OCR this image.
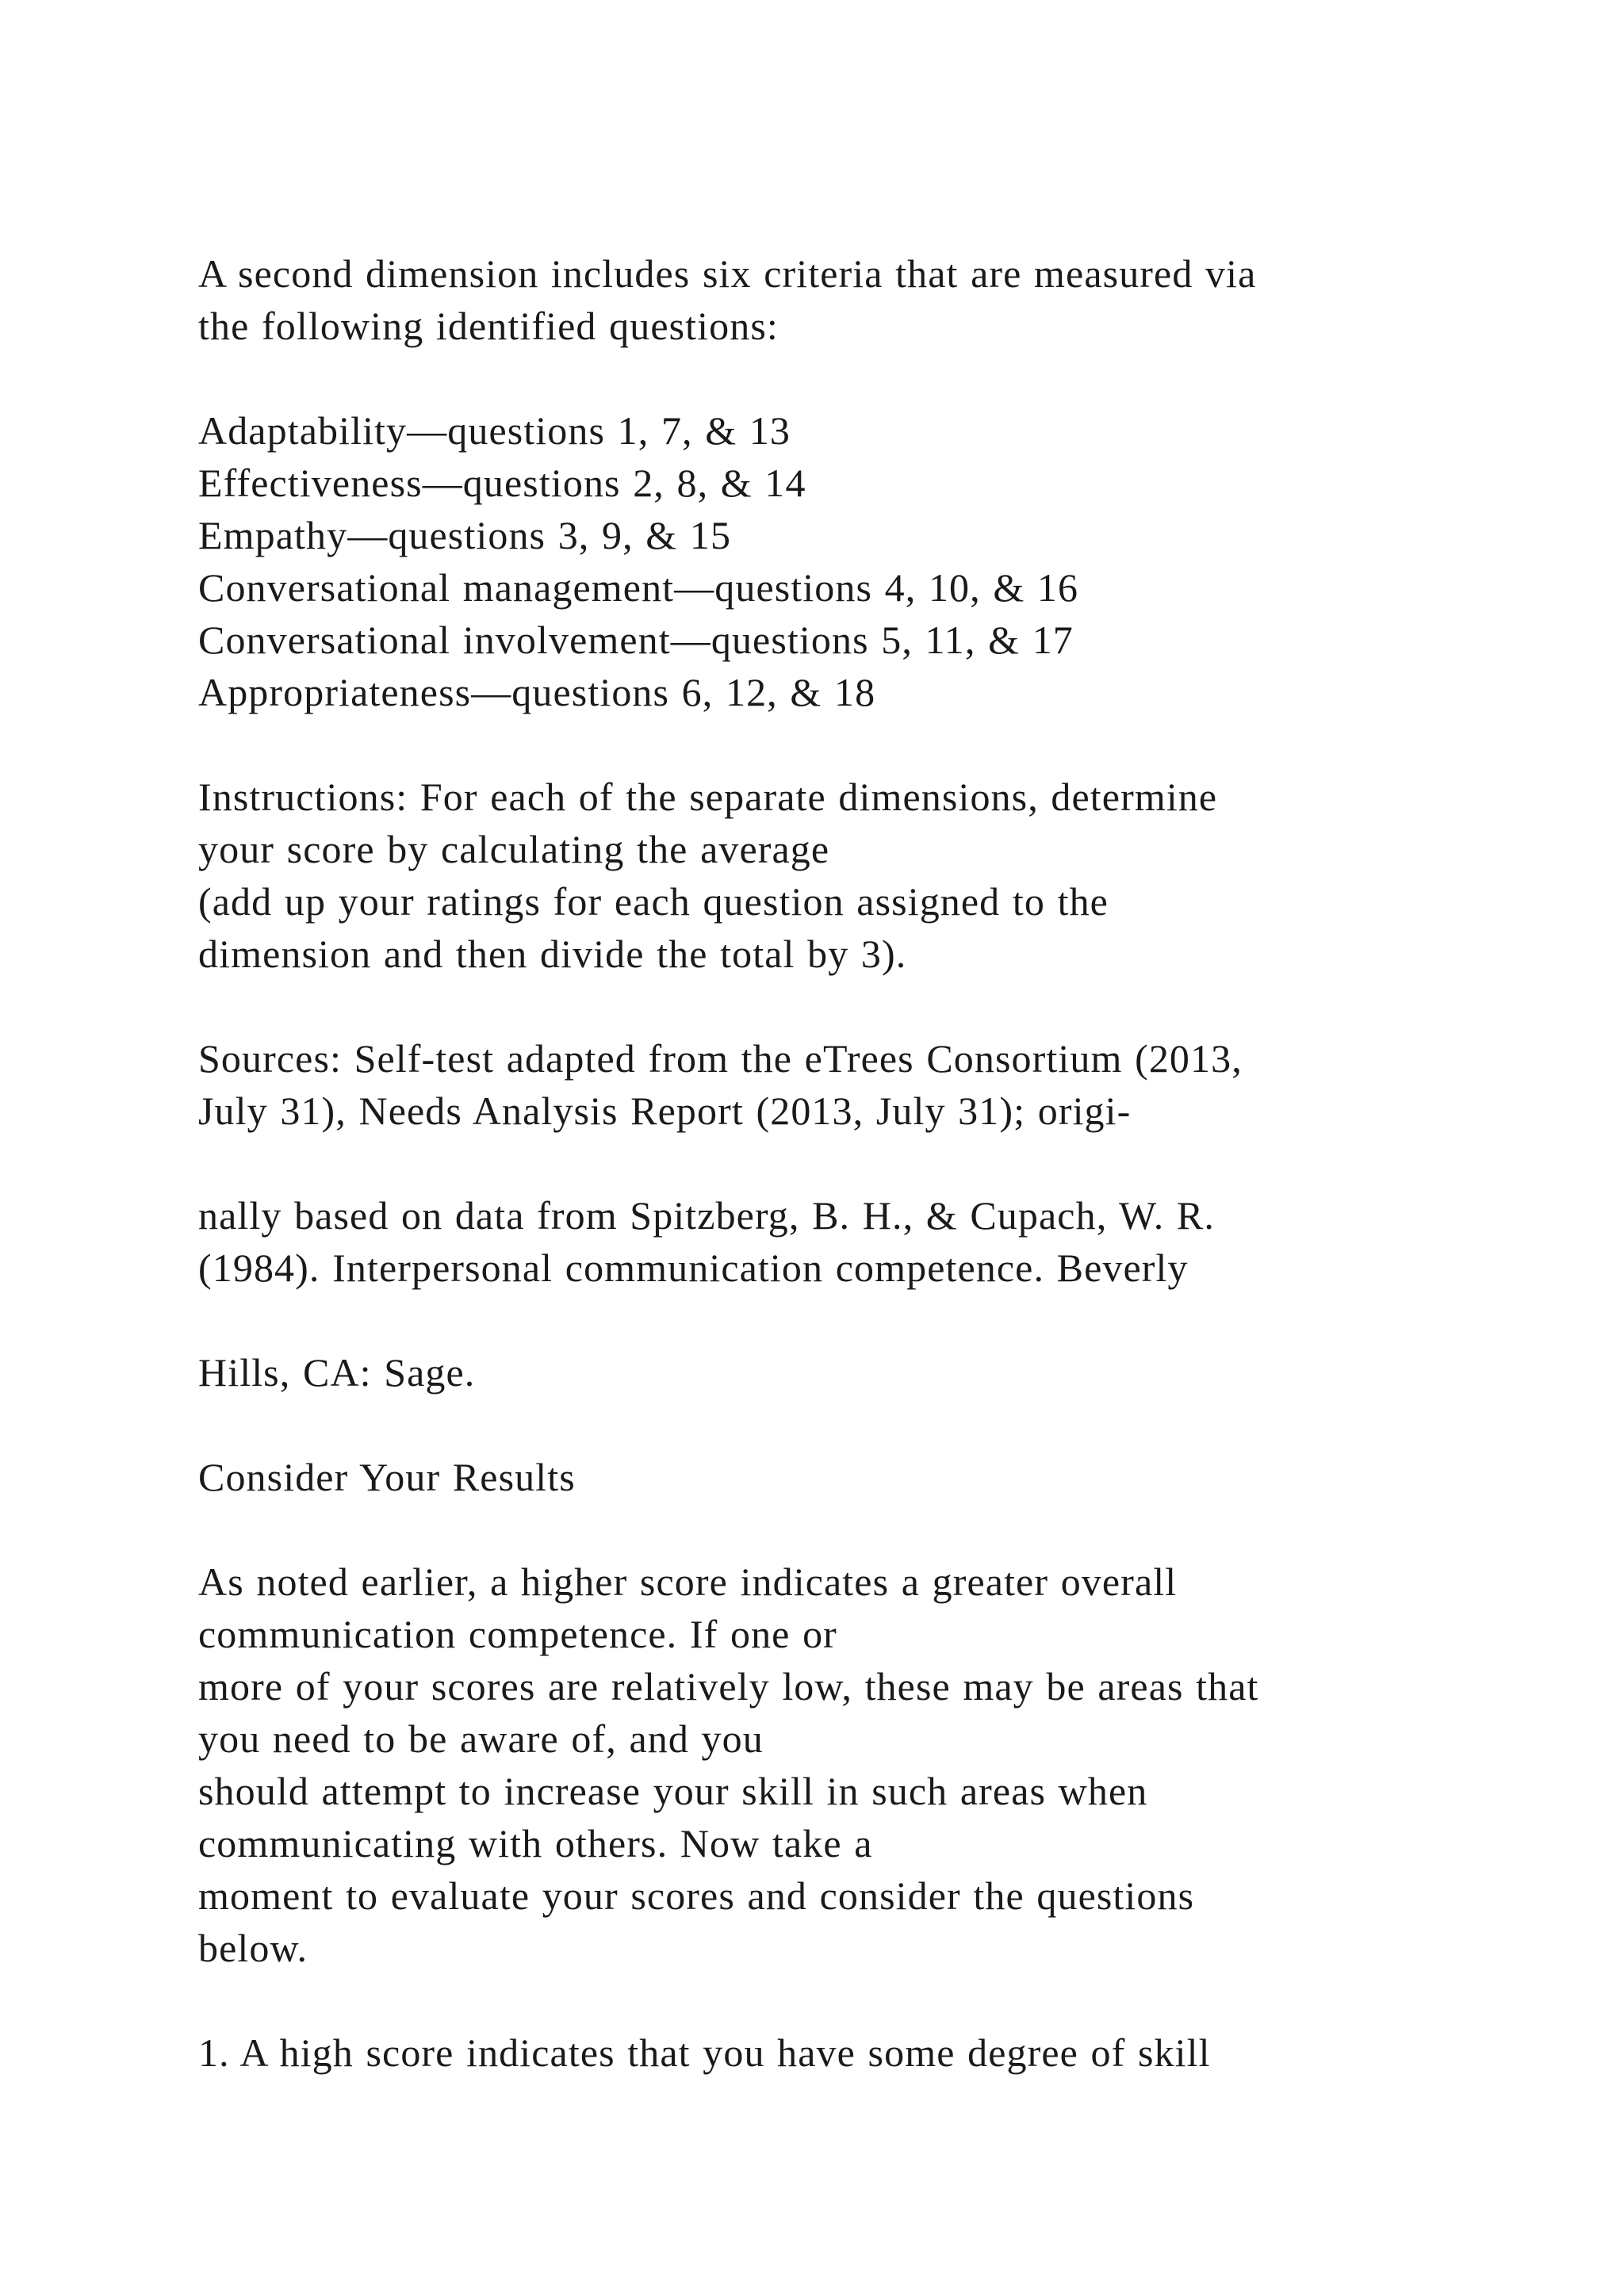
A second dimension includes six criteria that are measured via
the following identified questions:
Adaptability—questions 1, 7, & 13
Effectiveness—questions 2, 8, & 14
Empathy—questions 3, 9, & 15
Conversational management—questions 4, 10, & 16
Conversational involvement—questions 5, 11, & 17
Appropriateness—questions 6, 12, & 18
Instructions: For each of the separate dimensions, determine
your score by calculating the average
(add up your ratings for each question assigned to the
dimension and then divide the total by 3).
Sources: Self-test adapted from the eTrees Consortium (2013,
July 31), Needs Analysis Report (2013, July 31); origi-
nally based on data from Spitzberg, B. H., & Cupach, W. R.
(1984). Interpersonal communication competence. Beverly
Hills, CA: Sage.
Consider Your Results
As noted earlier, a higher score indicates a greater overall
communication competence. If one or
more of your scores are relatively low, these may be areas that
you need to be aware of, and you
should attempt to increase your skill in such areas when
communicating with others. Now take a
moment to evaluate your scores and consider the questions
below.
1. A high score indicates that you have some degree of skill
